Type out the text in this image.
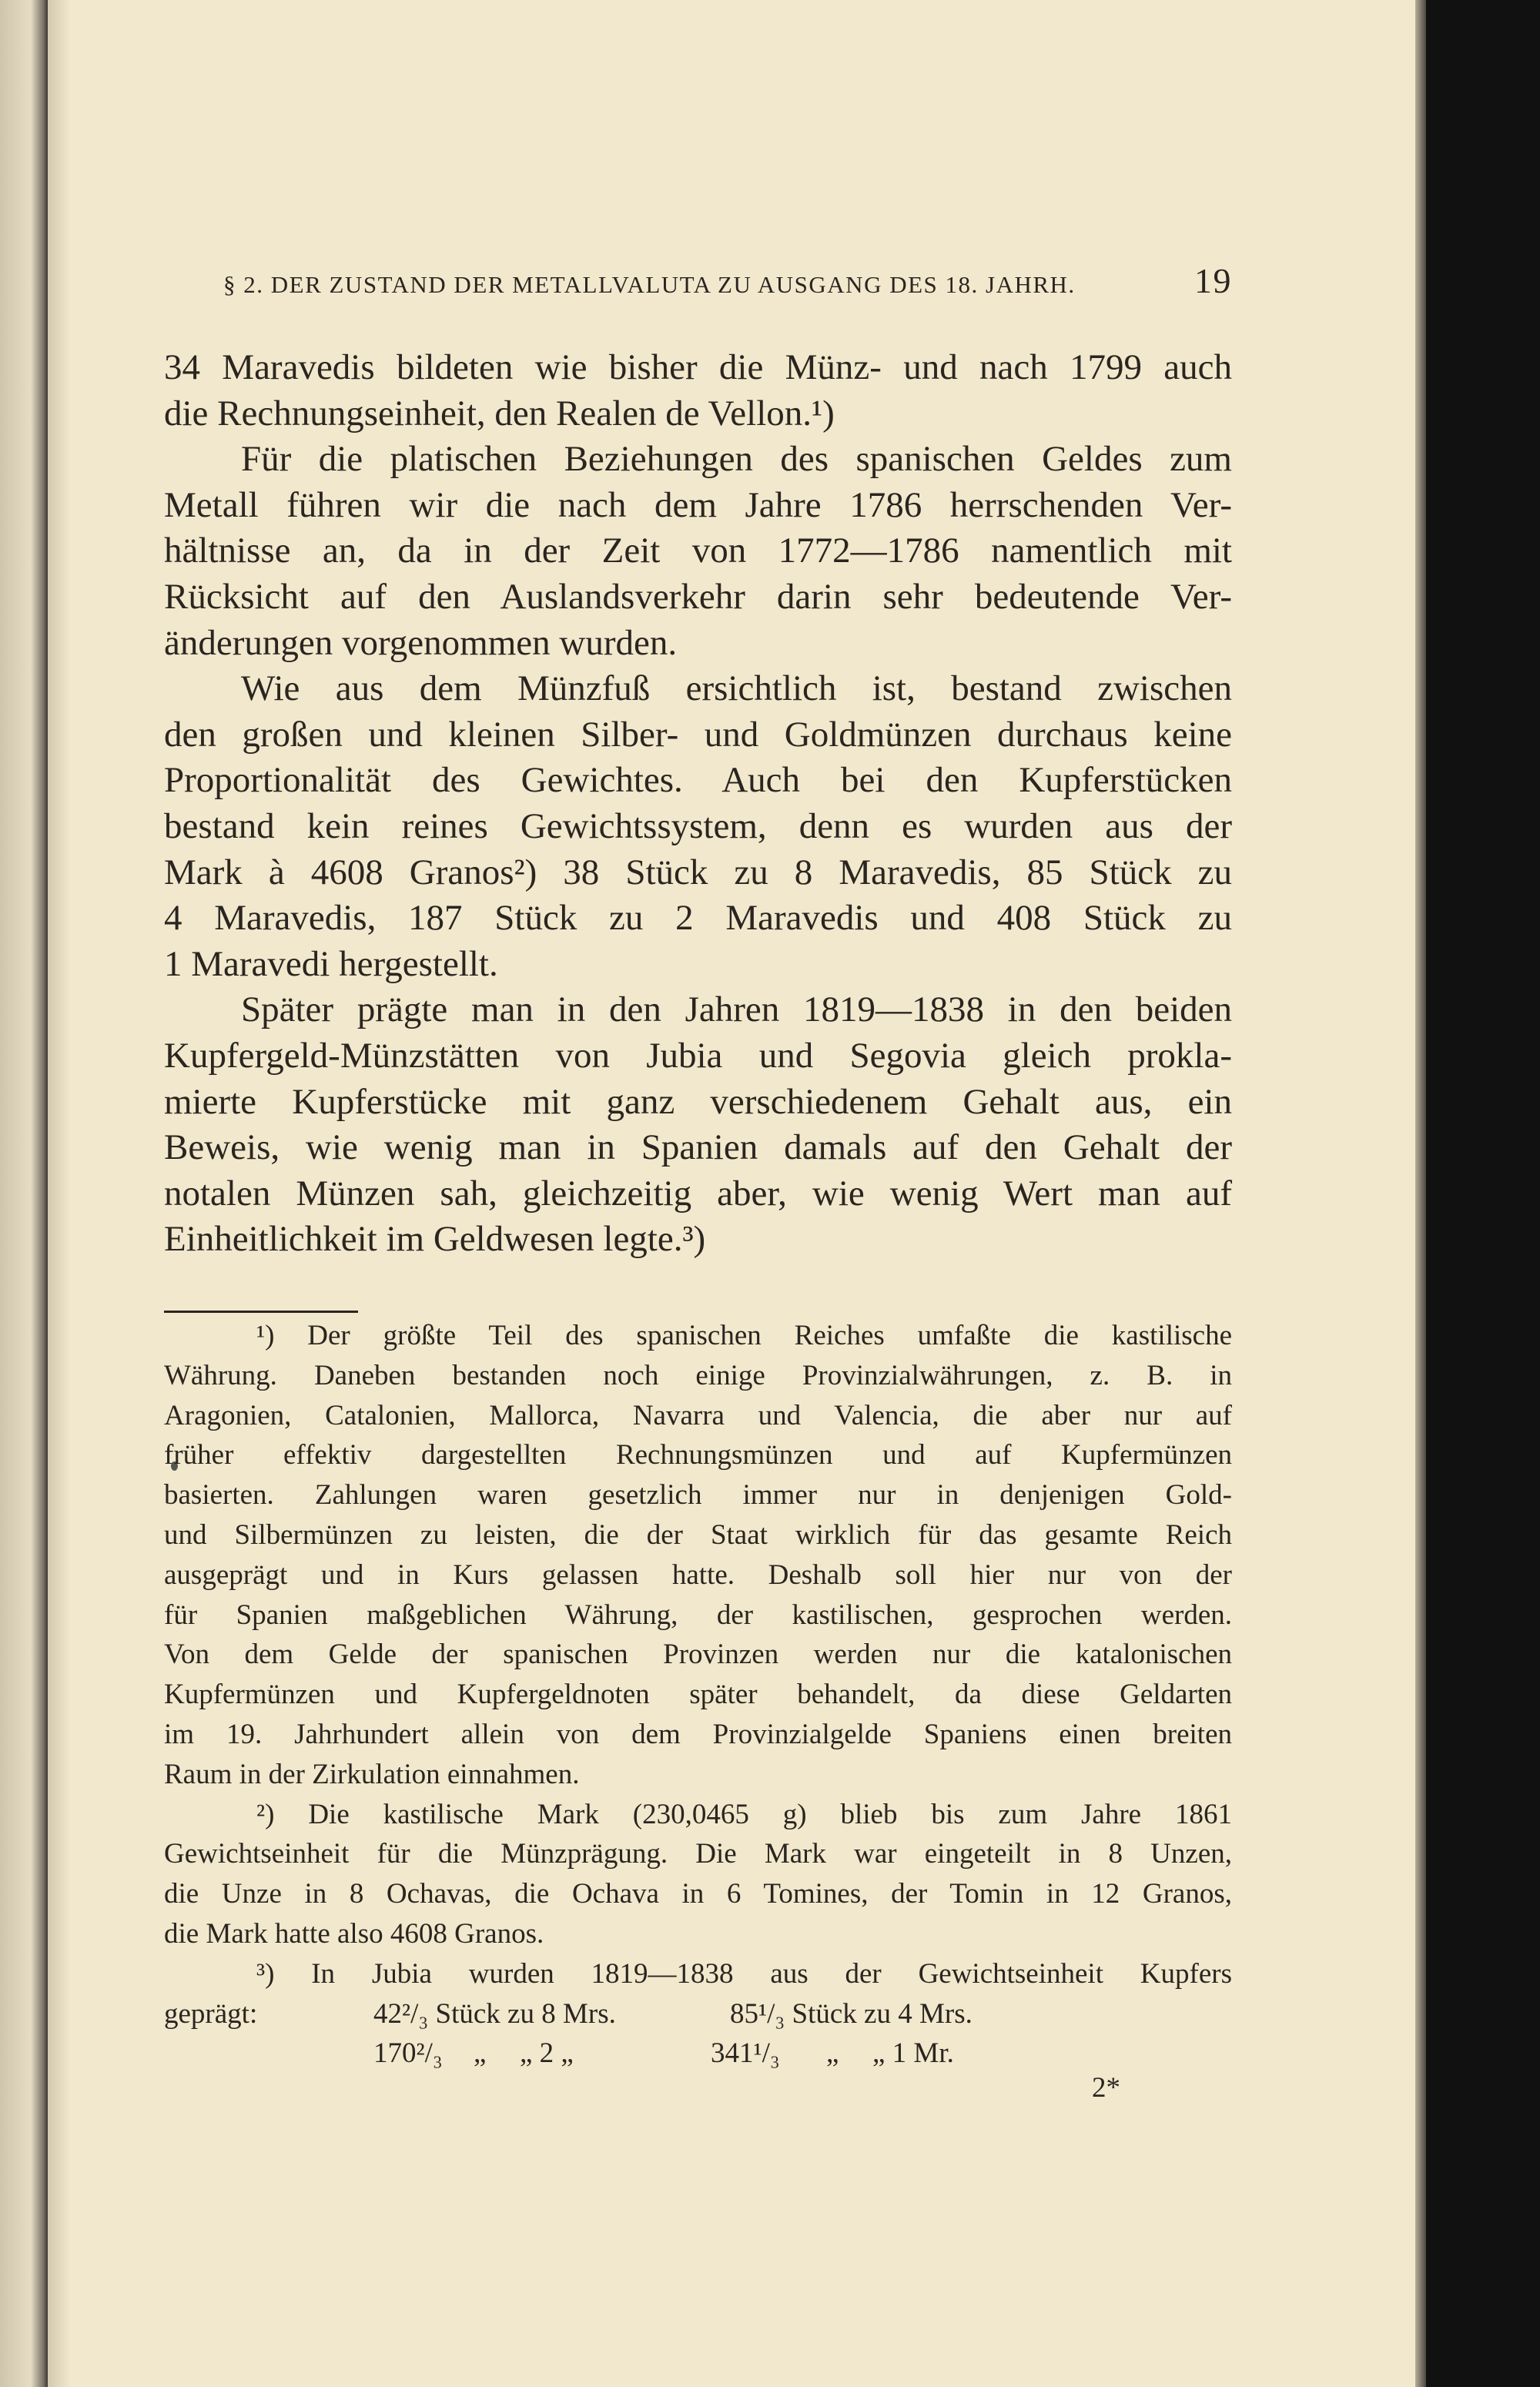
§ 2. DER ZUSTAND DER METALLVALUTA ZU AUSGANG DES 18. JAHRH.	19
34 Maravedis bildeten wie bisher die Münz- und nach 1799 auch
die Rechnungseinheit, den Realen de Vellon.¹)
Für die platischen Beziehungen des spanischen Geldes zum
Metall führen wir die nach dem Jahre 1786 herrschenden Ver-
hältnisse an, da in der Zeit von 1772—1786 namentlich mit
Rücksicht auf den Auslandsverkehr darin sehr bedeutende Ver-
änderungen vorgenommen wurden.
Wie aus dem Münzfuß ersichtlich ist, bestand zwischen
den großen und kleinen Silber- und Goldmünzen durchaus keine
Proportionalität des Gewichtes. Auch bei den Kupferstücken
bestand kein reines Gewichtssystem, denn es wurden aus der
Mark à 4608 Granos²) 38 Stück zu 8 Maravedis, 85 Stück zu
4 Maravedis, 187 Stück zu 2 Maravedis und 408 Stück zu
1 Maravedi hergestellt.
Später prägte man in den Jahren 1819—1838 in den beiden
Kupfergeld-Münzstätten von Jubia und Segovia gleich prokla-
mierte Kupferstücke mit ganz verschiedenem Gehalt aus, ein
Beweis, wie wenig man in Spanien damals auf den Gehalt der
notalen Münzen sah, gleichzeitig aber, wie wenig Wert man auf
Einheitlichkeit im Geldwesen legte.³)
¹) Der größte Teil des spanischen Reiches umfaßte die kastilische
Währung. Daneben bestanden noch einige Provinzialwährungen, z. B. in
Aragonien, Catalonien, Mallorca, Navarra und Valencia, die aber nur auf
früher effektiv dargestellten Rechnungsmünzen und auf Kupfermünzen
basierten. Zahlungen waren gesetzlich immer nur in denjenigen Gold-
und Silbermünzen zu leisten, die der Staat wirklich für das gesamte Reich
ausgeprägt und in Kurs gelassen hatte. Deshalb soll hier nur von der
für Spanien maßgeblichen Währung, der kastilischen, gesprochen werden.
Von dem Gelde der spanischen Provinzen werden nur die katalonischen
Kupfermünzen und Kupfergeldnoten später behandelt, da diese Geldarten
im 19. Jahrhundert allein von dem Provinzialgelde Spaniens einen breiten
Raum in der Zirkulation einnahmen.
²) Die kastilische Mark (230,0465 g) blieb bis zum Jahre 1861
Gewichtseinheit für die Münzprägung. Die Mark war eingeteilt in 8 Unzen,
die Unze in 8 Ochavas, die Ochava in 6 Tomines, der Tomin in 12 Granos,
die Mark hatte also 4608 Granos.
³) In Jubia wurden 1819—1838 aus der Gewichtseinheit Kupfers
geprägt:	42²/₃ Stück zu 8 Mrs.	85¹/₃ Stück zu 4 Mrs.
170²/₃ „ „ 2 „	341¹/₃ „ „ 1 Mr.
2*
